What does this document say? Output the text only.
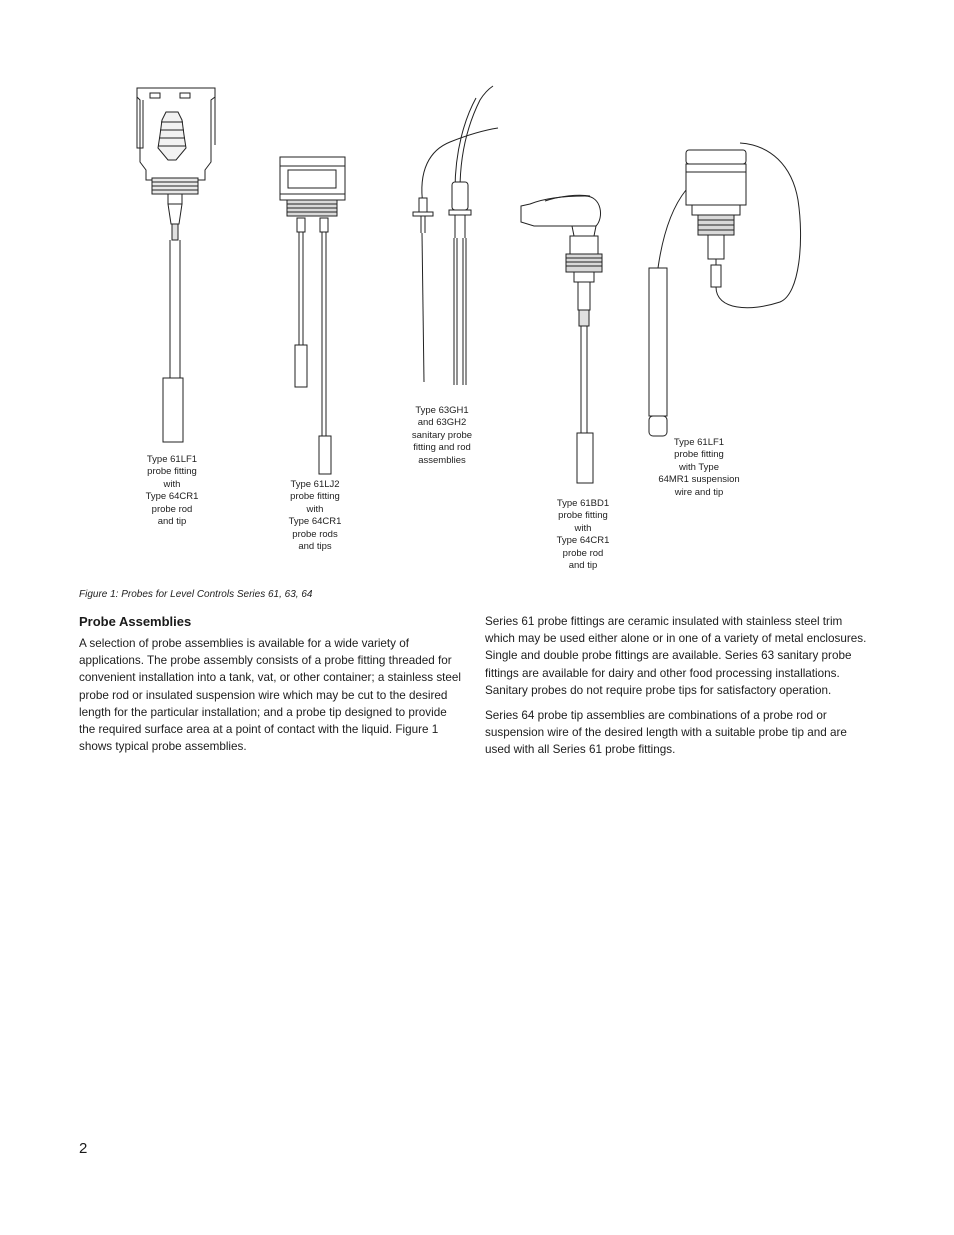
Type 61LF1
probe fitting
with
Type 64CR1
probe rod
and tip
Type 61LJ2
probe fitting
with
Type 64CR1
probe rods
and tips
Type 63GH1
and 63GH2
sanitary probe
fitting and rod
assemblies
Type 61BD1
probe fitting
with
Type 64CR1
probe rod
and tip
Type 61LF1
probe fitting
with Type
64MR1 suspension
wire and tip
Figure 1: Probes for Level Controls Series 61, 63, 64
Probe Assemblies

A selection of probe assemblies is available for a wide variety of applications. The probe assembly consists of a probe fitting threaded for convenient installation into a tank, vat, or other container; a stainless steel probe rod or insulated suspension wire which may be cut to the desired length for the particular installation; and a probe tip designed to provide the required surface area at a point of contact with the liquid. Figure 1 shows typical probe assemblies.

Series 61 probe fittings are ceramic insulated with stainless steel trim which may be used either alone or in one of a variety of metal enclosures. Single and double probe fittings are available. Series 63 sanitary probe fittings are available for dairy and other food processing installations. Sanitary probes do not require probe tips for satisfactory operation.

Series 64 probe tip assemblies are combinations of a probe rod or suspension wire of the desired length with a suitable probe tip and are used with all Series 61 probe fittings.

2
